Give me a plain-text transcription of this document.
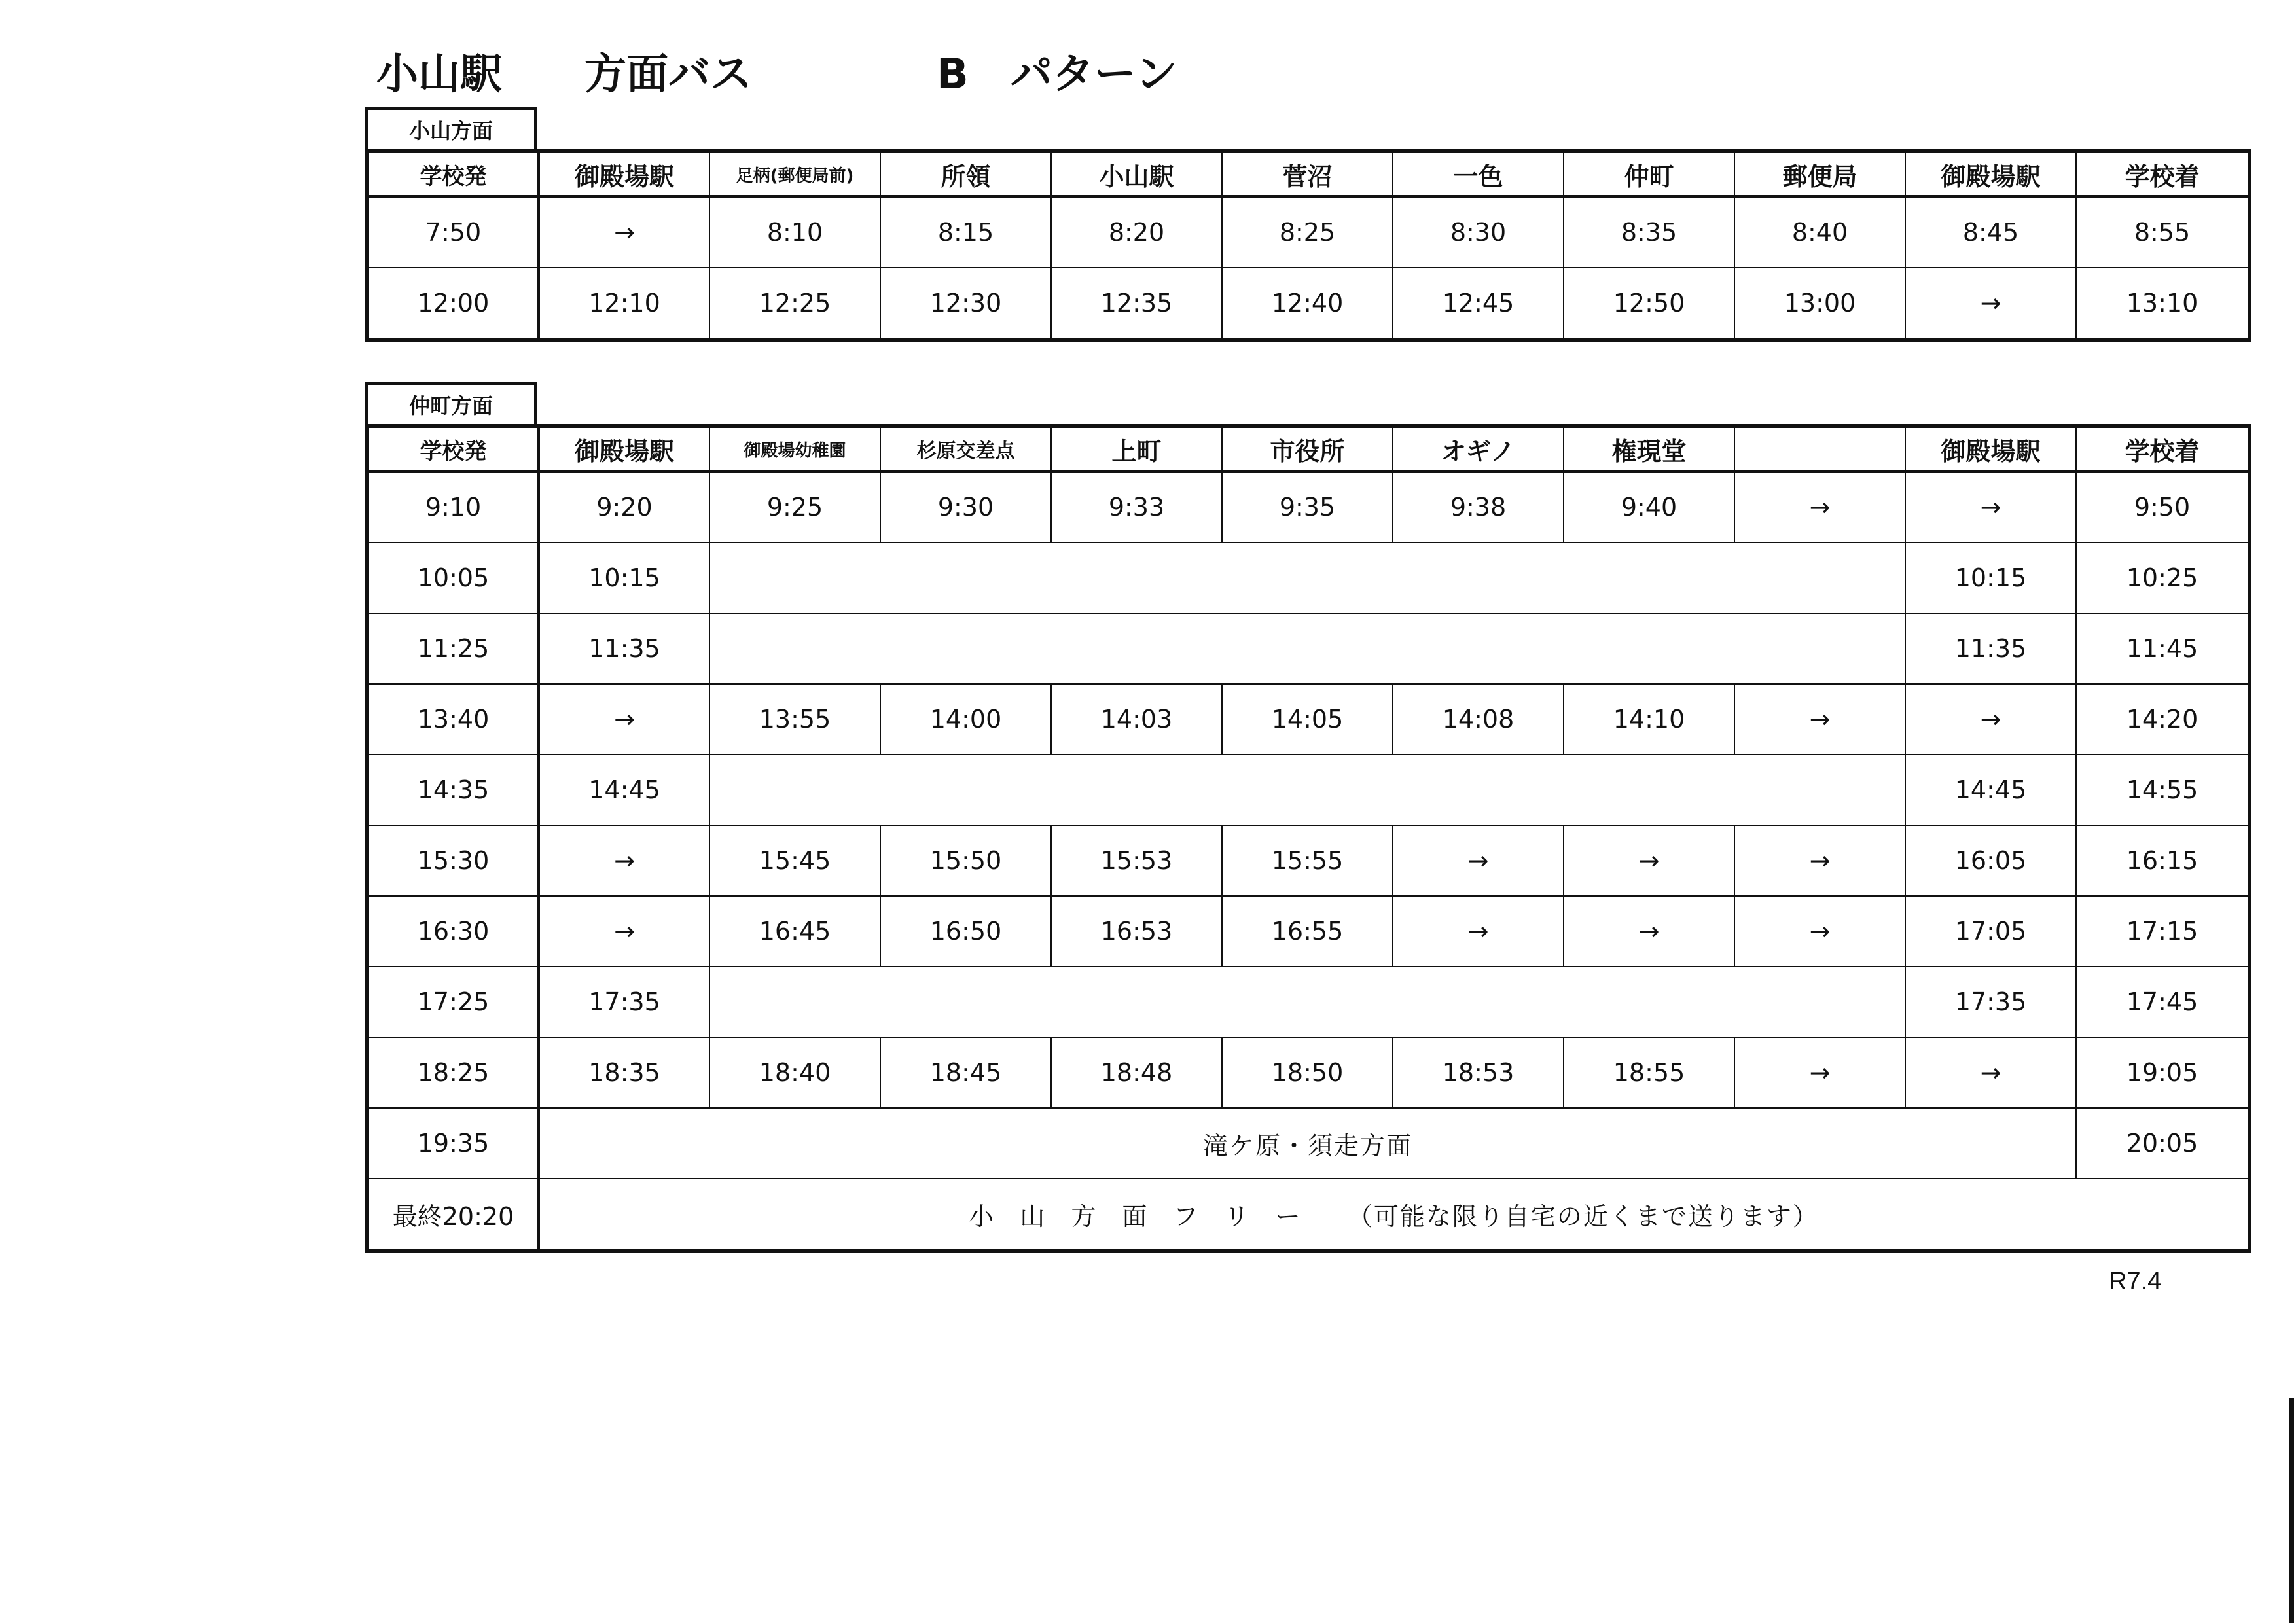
小山駅 方面バス	B　パターン
小山方面
学校発	御殿場駅	足柄(郵便局前)	所領	小山駅	菅沼	一色	仲町	郵便局	御殿場駅	学校着
7:50	→	8:10	8:15	8:20	8:25	8:30	8:35	8:40	8:45	8:55
12:00	12:10	12:25	12:30	12:35	12:40	12:45	12:50	13:00	→	13:10
仲町方面
学校発	御殿場駅	御殿場幼稚園	杉原交差点	上町	市役所	オギノ	権現堂		御殿場駅	学校着
9:10	9:20	9:25	9:30	9:33	9:35	9:38	9:40	→	→	9:50
10:05	10:15								10:15	10:25
11:25	11:35								11:35	11:45
13:40	→	13:55	14:00	14:03	14:05	14:08	14:10	→	→	14:20
14:35	14:45								14:45	14:55
15:30	→	15:45	15:50	15:53	15:55	→	→	→	16:05	16:15
16:30	→	16:45	16:50	16:53	16:55	→	→	→	17:05	17:15
17:25	17:35								17:35	17:45
18:25	18:35	18:40	18:45	18:48	18:50	18:53	18:55	→	→	19:05
19:35	滝ケ原・須走方面									20:05
最終20:20	小 山 方 面 フ リ ー （可能な限り自宅の近くまで送ります）									
R7.4
